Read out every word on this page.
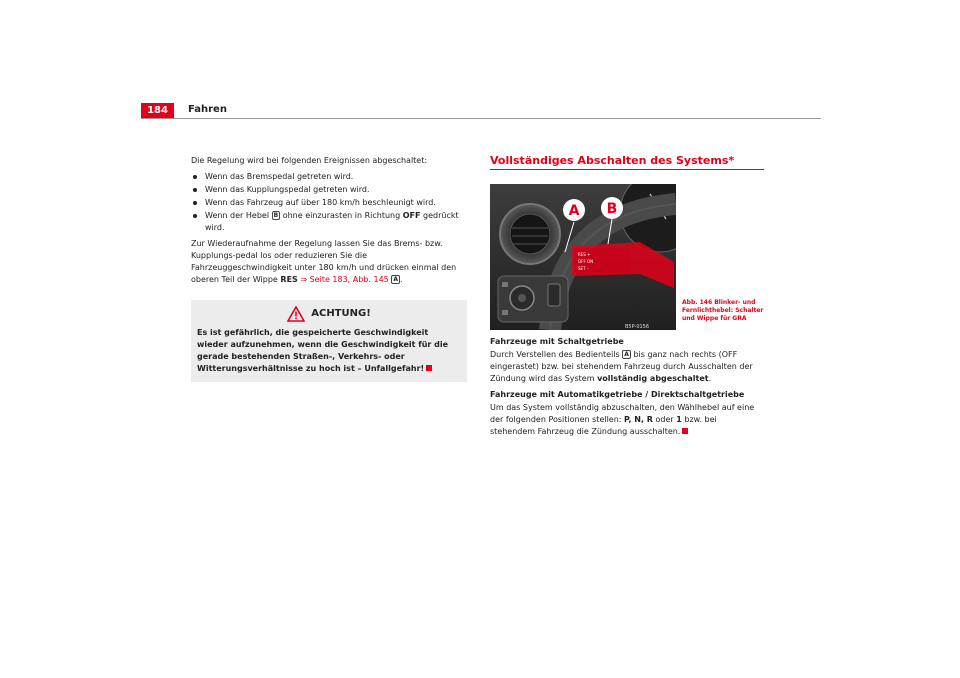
184	Fahren

Die Regelung wird bei folgenden Ereignissen abgeschaltet:

Wenn das Bremspedal getreten wird.
Wenn das Kupplungspedal getreten wird.
Wenn das Fahrzeug auf über 180 km/h beschleunigt wird.
Wenn der Hebel B ohne einzurasten in Richtung OFF gedrückt wird.

Zur Wiederaufnahme der Regelung lassen Sie das Brems- bzw. Kupplungs-pedal los oder reduzieren Sie die Fahrzeuggeschwindigkeit unter 180 km/h und drücken einmal den oberen Teil der Wippe RES ⇒ Seite 183, Abb. 145 A .

ACHTUNG!
Es ist gefährlich, die gespeicherte Geschwindigkeit wieder aufzunehmen, wenn die Geschwindigkeit für die gerade bestehenden Straßen-, Verkehrs- oder Witterungsverhältnisse zu hoch ist – Unfallgefahr!
Vollständiges Abschalten des Systems*
1/2
RES +
OFF ON
SET -
A B
B5P-0156
Abb. 146 Blinker- und Fernlichthebel: Schalter und Wippe für GRA

Fahrzeuge mit Schaltgetriebe

Durch Verstellen des Bedienteils A bis ganz nach rechts (OFF eingerastet) bzw. bei stehendem Fahrzeug durch Ausschalten der Zündung wird das System vollständig abgeschaltet.

Fahrzeuge mit Automatikgetriebe / Direktschaltgetriebe

Um das System vollständig abzuschalten, den Wählhebel auf eine der folgenden Positionen stellen: P, N, R oder 1 bzw. bei stehendem Fahrzeug die Zündung ausschalten.
